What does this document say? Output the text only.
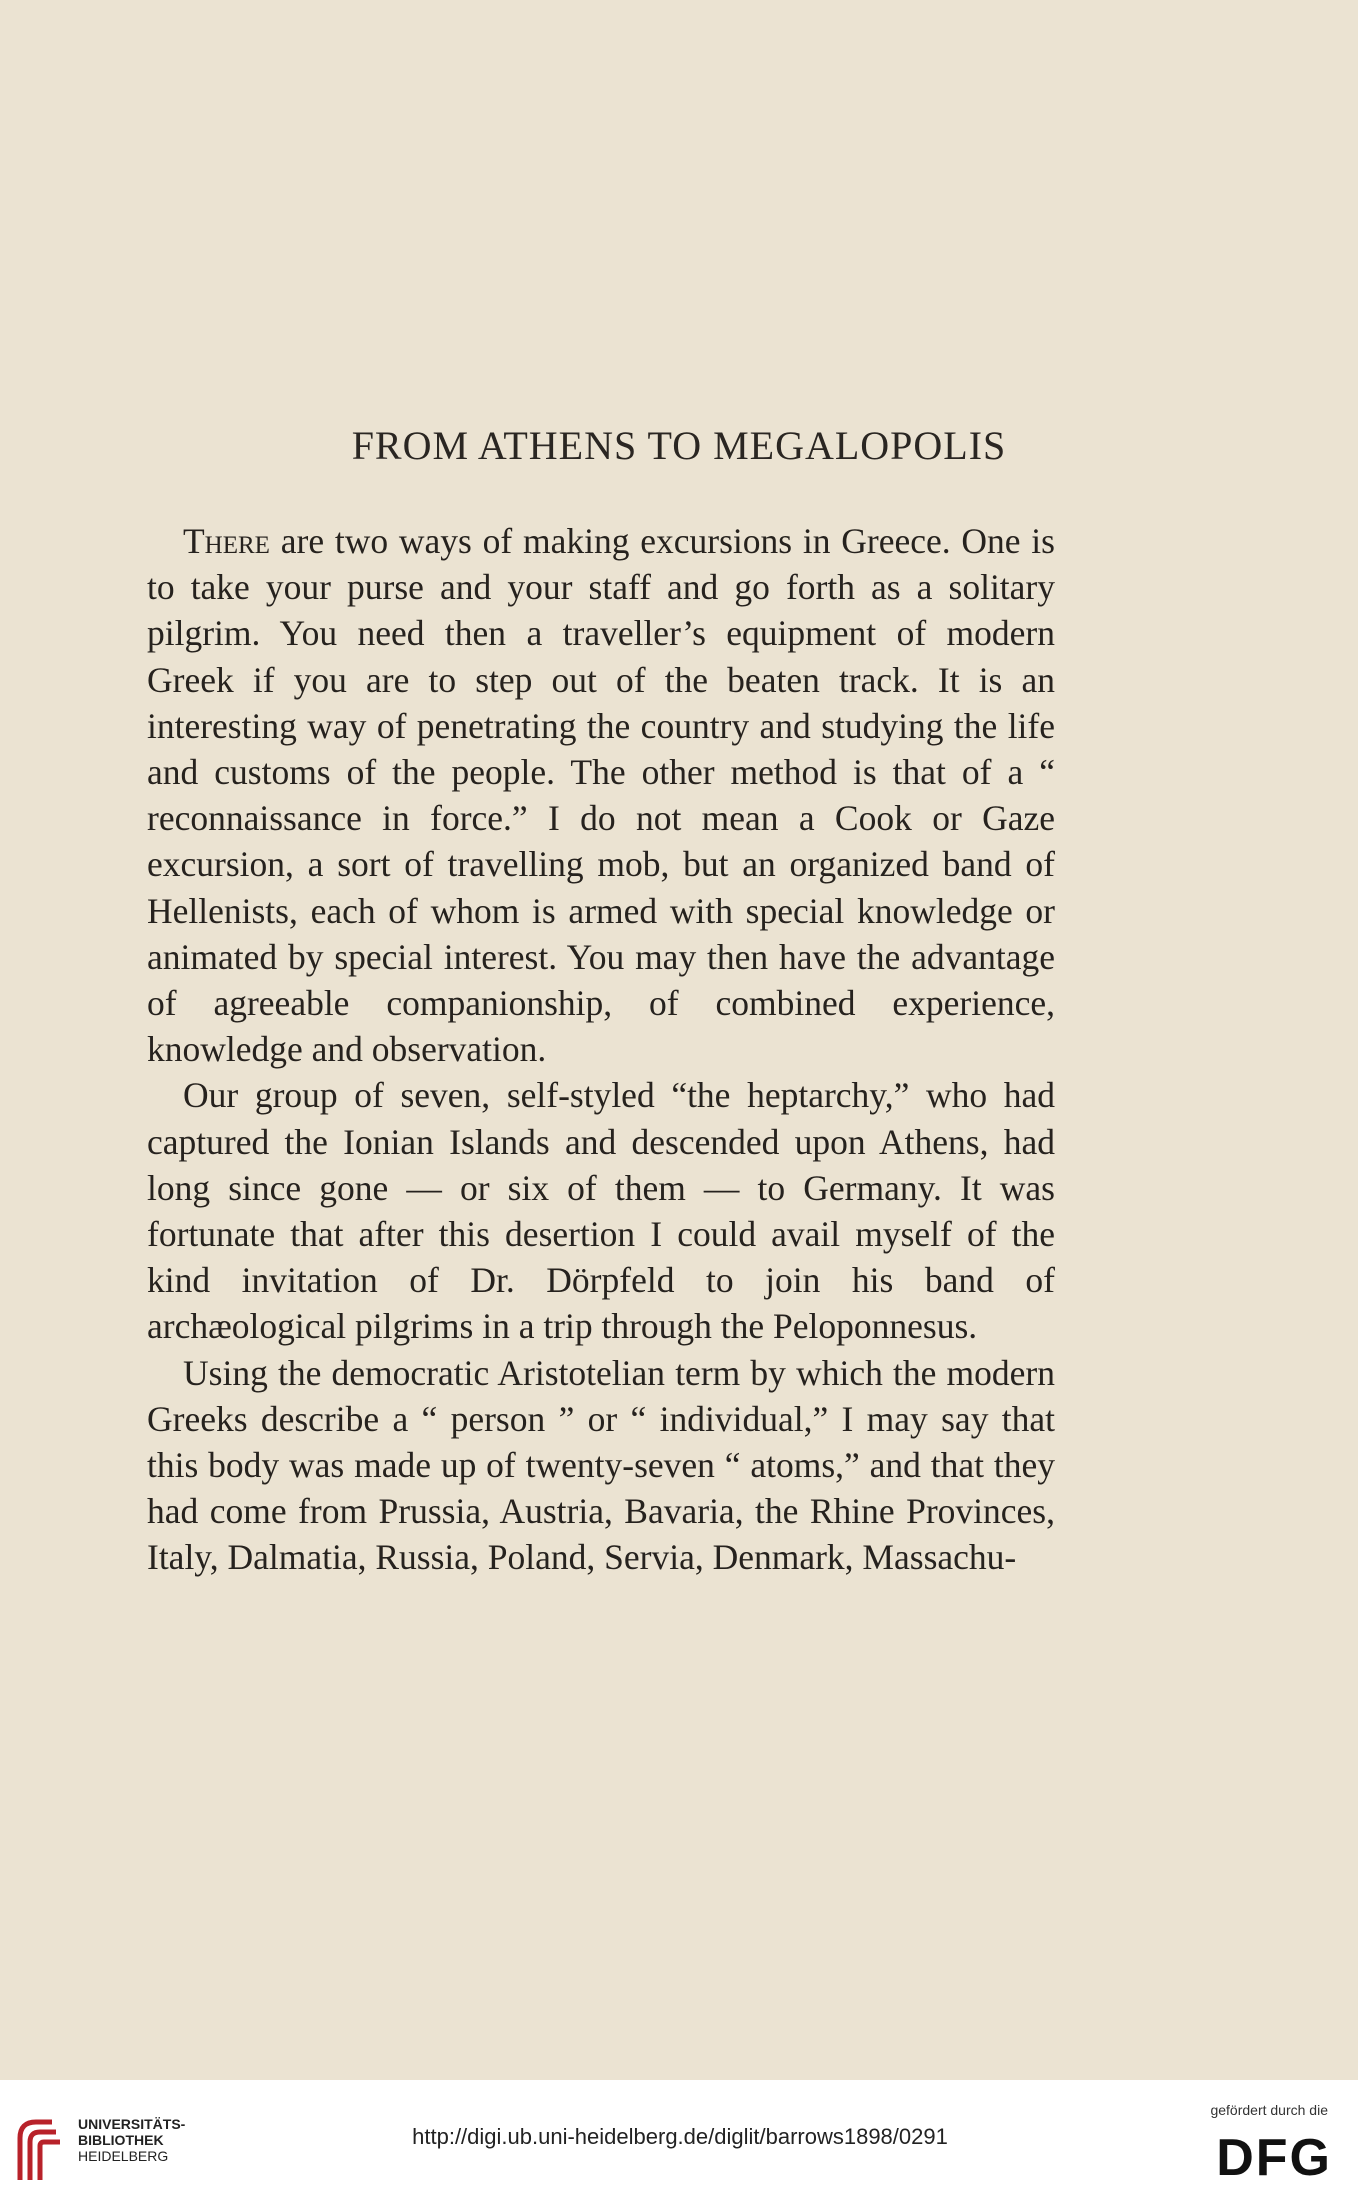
FROM ATHENS TO MEGALOPOLIS

There are two ways of making excursions in Greece. One is to take your purse and your staff and go forth as a solitary pilgrim. You need then a traveller’s equipment of modern Greek if you are to step out of the beaten track. It is an interesting way of penetrating the country and studying the life and customs of the people. The other method is that of a “ reconnaissance in force.” I do not mean a Cook or Gaze excursion, a sort of travelling mob, but an organized band of Hellenists, each of whom is armed with special knowledge or animated by special interest. You may then have the advantage of agreeable companionship, of combined experience, knowledge and observation.

Our group of seven, self-styled “the heptarchy,” who had captured the Ionian Islands and descended upon Athens, had long since gone — or six of them — to Germany. It was fortunate that after this desertion I could avail myself of the kind invitation of Dr. Dörpfeld to join his band of archæological pilgrims in a trip through the Peloponnesus.

Using the democratic Aristotelian term by which the modern Greeks describe a “ person ” or “ individual,” I may say that this body was made up of twenty-seven “ atoms,” and that they had come from Prussia, Austria, Bavaria, the Rhine Provinces, Italy, Dalmatia, Russia, Poland, Servia, Denmark, Massachu-

UNIVERSITÄTS-
BIBLIOTHEK
HEIDELBERG
http://digi.ub.uni-heidelberg.de/diglit/barrows1898/0291
gefördert durch die
DFG
